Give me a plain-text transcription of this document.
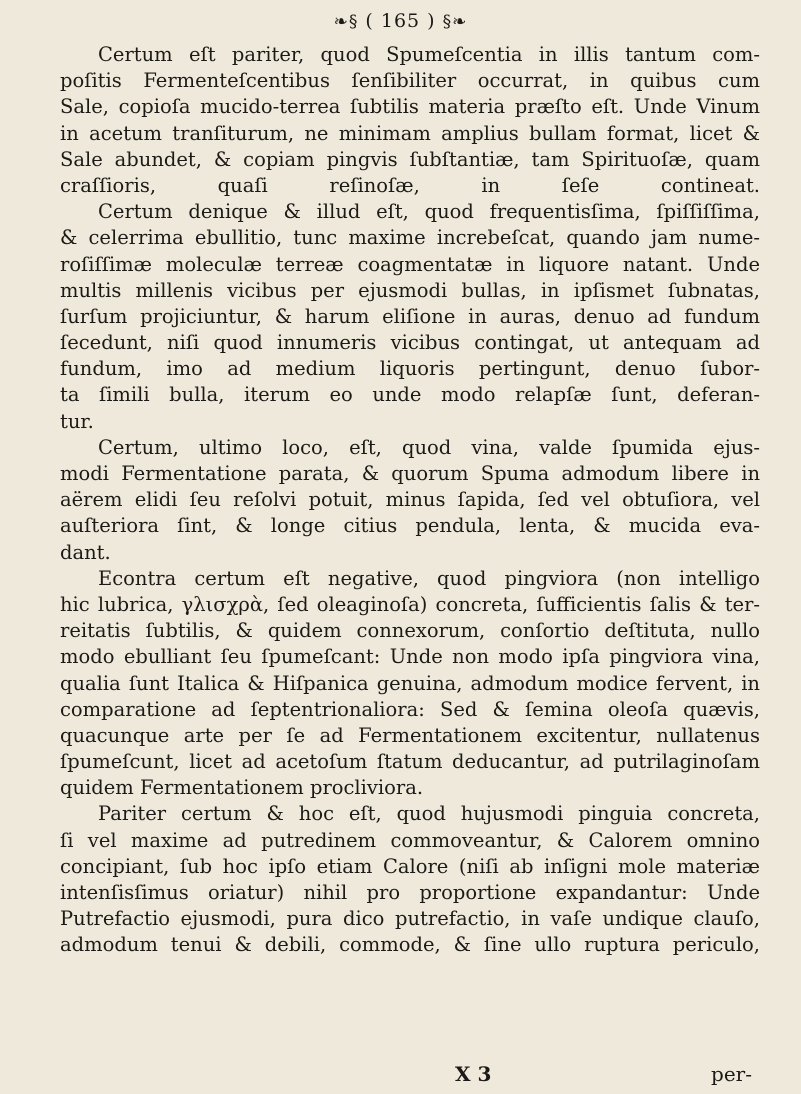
❧§ ( 165 ) §❧
Certum eſt pariter, quod Spumeſcentia in illis tantum com-
poſitis Fermenteſcentibus ſenſibiliter occurrat, in quibus cum
Sale, copioſa mucido-terrea ſubtilis materia præſto eſt. Unde Vinum
in acetum tranſiturum, ne minimam amplius bullam format, licet &
Sale abundet, & copiam pingvis ſubſtantiæ, tam Spirituoſæ, quam
craſſioris, quaſi reſinoſæ, in ſeſe contineat.
Certum denique & illud eſt, quod frequentisſima, ſpiſſiſſima,
& celerrima ebullitio, tunc maxime increbeſcat, quando jam nume-
roſiſſimæ moleculæ terreæ coagmentatæ in liquore natant. Unde
multis millenis vicibus per ejusmodi bullas, in ipſismet ſubnatas,
ſurſum projiciuntur, & harum eliſione in auras, denuo ad fundum
ſecedunt, niſi quod innumeris vicibus contingat, ut antequam ad
fundum, imo ad medium liquoris pertingunt, denuo ſubor-
ta ſimili bulla, iterum eo unde modo relapſæ ſunt, deferan-
tur.
Certum, ultimo loco, eſt, quod vina, valde ſpumida ejus-
modi Fermentatione parata, & quorum Spuma admodum libere in
aërem elidi ſeu reſolvi potuit, minus ſapida, ſed vel obtuſiora, vel
auſteriora ſint, & longe citius pendula, lenta, & mucida eva-
dant.
Econtra certum eſt negative, quod pingviora (non intelligo
hic lubrica, γλισχρὰ, ſed oleaginoſa) concreta, ſufficientis ſalis & ter-
reitatis ſubtilis, & quidem connexorum, conſortio deſtituta, nullo
modo ebulliant ſeu ſpumeſcant: Unde non modo ipſa pingviora vina,
qualia ſunt Italica & Hiſpanica genuina, admodum modice fervent, in
comparatione ad ſeptentrionaliora: Sed & ſemina oleoſa quævis,
quacunque arte per ſe ad Fermentationem excitentur, nullatenus
ſpumeſcunt, licet ad acetoſum ſtatum deducantur, ad putrilaginoſam
quidem Fermentationem procliviora.
Pariter certum & hoc eſt, quod hujusmodi pinguia concreta,
ſi vel maxime ad putredinem commoveantur, & Calorem omnino
concipiant, ſub hoc ipſo etiam Calore (niſi ab inſigni mole materiæ
intenſisſimus oriatur) nihil pro proportione expandantur: Unde
Putrefactio ejusmodi, pura dico putrefactio, in vaſe undique clauſo,
admodum tenui & debili, commode, & ſine ullo ruptura periculo,
X 3	per-
